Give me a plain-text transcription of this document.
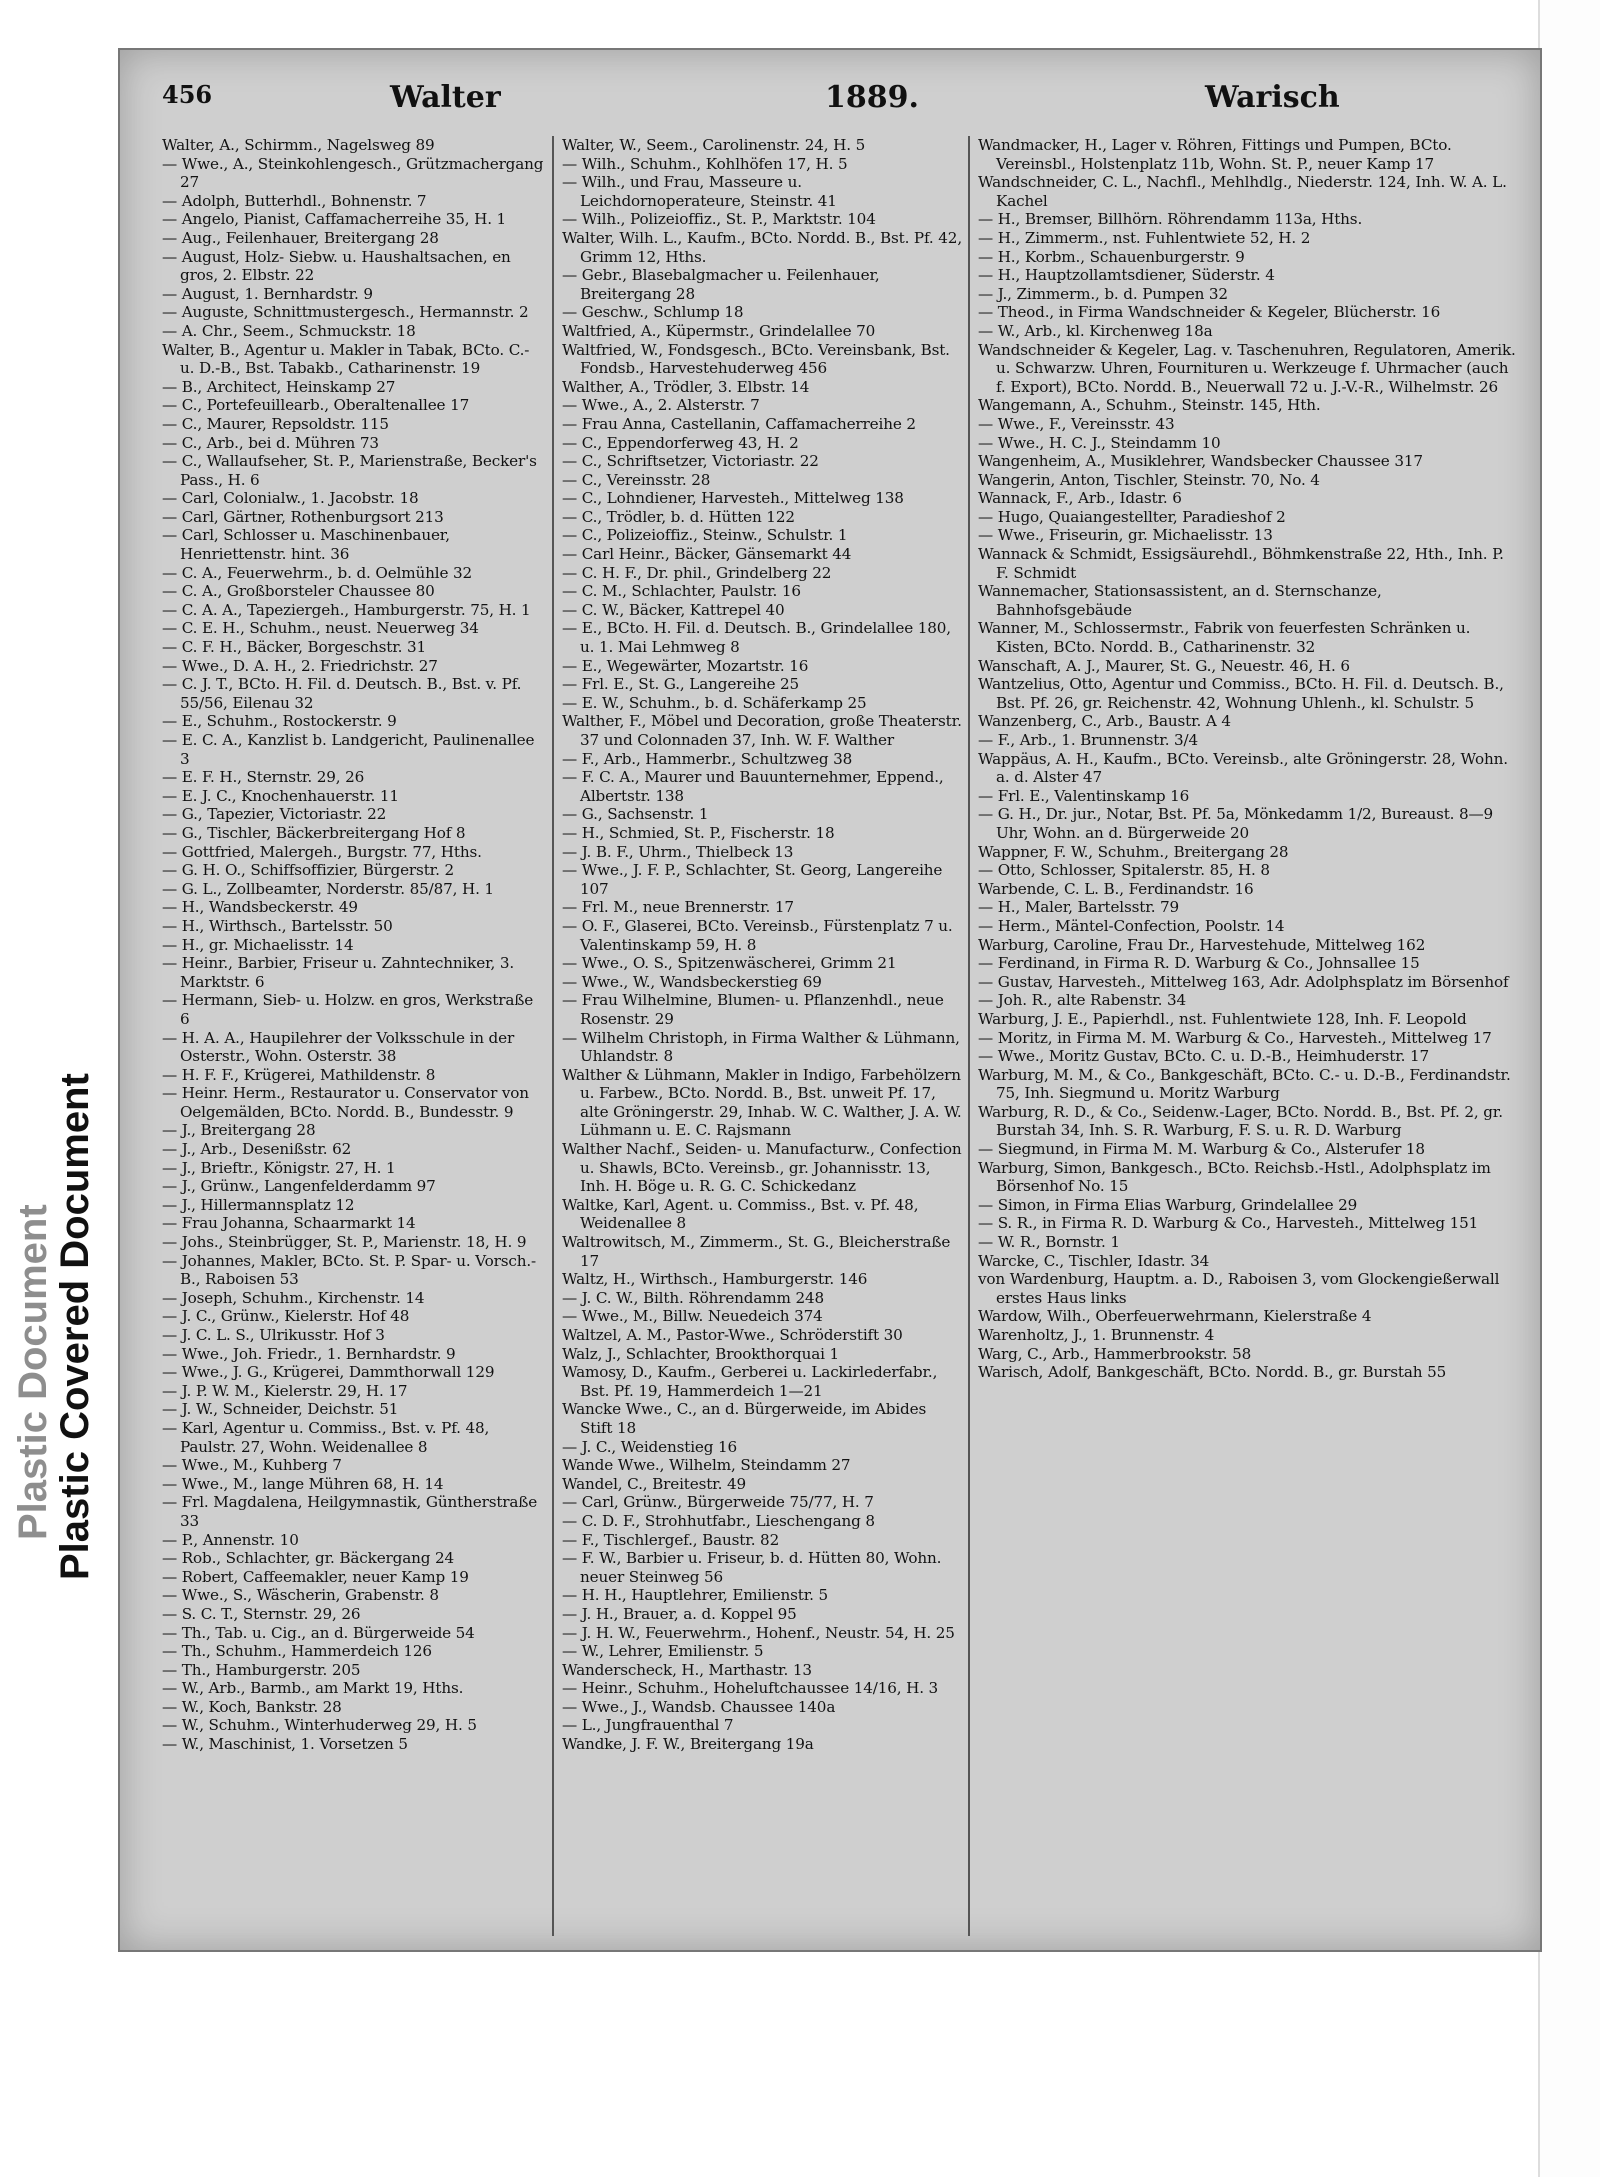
Plastic Document
Plastic Covered Document
456	Walter	1889.	Warisch

Walter, A., Schirmm., Nagelsweg 89

— Wwe., A., Steinkohlengesch., Grützmachergang 27

— Adolph, Butterhdl., Bohnenstr. 7

— Angelo, Pianist, Caffamacherreihe 35, H. 1

— Aug., Feilenhauer, Breitergang 28

— August, Holz- Siebw. u. Haushaltsachen, en gros, 2. Elbstr. 22

— August, 1. Bernhardstr. 9

— Auguste, Schnittmustergesch., Hermannstr. 2

— A. Chr., Seem., Schmuckstr. 18

Walter, B., Agentur u. Makler in Tabak, BCto. C.- u. D.-B., Bst. Tabakb., Catharinenstr. 19

— B., Architect, Heinskamp 27

— C., Portefeuillearb., Oberaltenallee 17

— C., Maurer, Repsoldstr. 115

— C., Arb., bei d. Mühren 73

— C., Wallaufseher, St. P., Marienstraße, Becker's Pass., H. 6

— Carl, Colonialw., 1. Jacobstr. 18

— Carl, Gärtner, Rothenburgsort 213

— Carl, Schlosser u. Maschinenbauer, Henriettenstr. hint. 36

— C. A., Feuerwehrm., b. d. Oelmühle 32

— C. A., Großborsteler Chaussee 80

— C. A. A., Tapeziergeh., Hamburgerstr. 75, H. 1

— C. E. H., Schuhm., neust. Neuerweg 34

— C. F. H., Bäcker, Borgeschstr. 31

— Wwe., D. A. H., 2. Friedrichstr. 27

— C. J. T., BCto. H. Fil. d. Deutsch. B., Bst. v. Pf. 55/56, Eilenau 32

— E., Schuhm., Rostockerstr. 9

— E. C. A., Kanzlist b. Landgericht, Paulinenallee 3

— E. F. H., Sternstr. 29, 26

— E. J. C., Knochenhauerstr. 11

— G., Tapezier, Victoriastr. 22

— G., Tischler, Bäckerbreitergang Hof 8

— Gottfried, Malergeh., Burgstr. 77, Hths.

— G. H. O., Schiffsoffizier, Bürgerstr. 2

— G. L., Zollbeamter, Norderstr. 85/87, H. 1

— H., Wandsbeckerstr. 49

— H., Wirthsch., Bartelsstr. 50

— H., gr. Michaelisstr. 14

— Heinr., Barbier, Friseur u. Zahntechniker, 3. Marktstr. 6

— Hermann, Sieb- u. Holzw. en gros, Werkstraße 6

— H. A. A., Haupilehrer der Volksschule in der Osterstr., Wohn. Osterstr. 38

— H. F. F., Krügerei, Mathildenstr. 8

— Heinr. Herm., Restaurator u. Conservator von Oelgemälden, BCto. Nordd. B., Bundesstr. 9

— J., Breitergang 28

— J., Arb., Desenißstr. 62

— J., Brieftr., Königstr. 27, H. 1

— J., Grünw., Langenfelderdamm 97

— J., Hillermannsplatz 12

— Frau Johanna, Schaarmarkt 14

— Johs., Steinbrügger, St. P., Marienstr. 18, H. 9

— Johannes, Makler, BCto. St. P. Spar- u. Vorsch.-B., Raboisen 53

— Joseph, Schuhm., Kirchenstr. 14

— J. C., Grünw., Kielerstr. Hof 48

— J. C. L. S., Ulrikusstr. Hof 3

— Wwe., Joh. Friedr., 1. Bernhardstr. 9

— Wwe., J. G., Krügerei, Dammthorwall 129

— J. P. W. M., Kielerstr. 29, H. 17

— J. W., Schneider, Deichstr. 51

— Karl, Agentur u. Commiss., Bst. v. Pf. 48, Paulstr. 27, Wohn. Weidenallee 8

— Wwe., M., Kuhberg 7

— Wwe., M., lange Mühren 68, H. 14

— Frl. Magdalena, Heilgymnastik, Güntherstraße 33

— P., Annenstr. 10

— Rob., Schlachter, gr. Bäckergang 24

— Robert, Caffeemakler, neuer Kamp 19

— Wwe., S., Wäscherin, Grabenstr. 8

— S. C. T., Sternstr. 29, 26

— Th., Tab. u. Cig., an d. Bürgerweide 54

— Th., Schuhm., Hammerdeich 126

— Th., Hamburgerstr. 205

— W., Arb., Barmb., am Markt 19, Hths.

— W., Koch, Bankstr. 28

— W., Schuhm., Winterhuderweg 29, H. 5

— W., Maschinist, 1. Vorsetzen 5

Walter, W., Seem., Carolinenstr. 24, H. 5

— Wilh., Schuhm., Kohlhöfen 17, H. 5

— Wilh., und Frau, Masseure u. Leichdornoperateure, Steinstr. 41

— Wilh., Polizeioffiz., St. P., Marktstr. 104

Walter, Wilh. L., Kaufm., BCto. Nordd. B., Bst. Pf. 42, Grimm 12, Hths.

— Gebr., Blasebalgmacher u. Feilenhauer, Breitergang 28

— Geschw., Schlump 18

Waltfried, A., Küpermstr., Grindelallee 70

Waltfried, W., Fondsgesch., BCto. Vereinsbank, Bst. Fondsb., Harvestehuderweg 456

Walther, A., Trödler, 3. Elbstr. 14

— Wwe., A., 2. Alsterstr. 7

— Frau Anna, Castellanin, Caffamacherreihe 2

— C., Eppendorferweg 43, H. 2

— C., Schriftsetzer, Victoriastr. 22

— C., Vereinsstr. 28

— C., Lohndiener, Harvesteh., Mittelweg 138

— C., Trödler, b. d. Hütten 122

— C., Polizeioffiz., Steinw., Schulstr. 1

— Carl Heinr., Bäcker, Gänsemarkt 44

— C. H. F., Dr. phil., Grindelberg 22

— C. M., Schlachter, Paulstr. 16

— C. W., Bäcker, Kattrepel 40

— E., BCto. H. Fil. d. Deutsch. B., Grindelallee 180, u. 1. Mai Lehmweg 8

— E., Wegewärter, Mozartstr. 16

— Frl. E., St. G., Langereihe 25

— E. W., Schuhm., b. d. Schäferkamp 25

Walther, F., Möbel und Decoration, große Theaterstr. 37 und Colonnaden 37, Inh. W. F. Walther

— F., Arb., Hammerbr., Schultzweg 38

— F. C. A., Maurer und Bauunternehmer, Eppend., Albertstr. 138

— G., Sachsenstr. 1

— H., Schmied, St. P., Fischerstr. 18

— J. B. F., Uhrm., Thielbeck 13

— Wwe., J. F. P., Schlachter, St. Georg, Langereihe 107

— Frl. M., neue Brennerstr. 17

— O. F., Glaserei, BCto. Vereinsb., Fürstenplatz 7 u. Valentinskamp 59, H. 8

— Wwe., O. S., Spitzenwäscherei, Grimm 21

— Wwe., W., Wandsbeckerstieg 69

— Frau Wilhelmine, Blumen- u. Pflanzenhdl., neue Rosenstr. 29

— Wilhelm Christoph, in Firma Walther & Lühmann, Uhlandstr. 8

Walther & Lühmann, Makler in Indigo, Farbehölzern u. Farbew., BCto. Nordd. B., Bst. unweit Pf. 17, alte Gröningerstr. 29, Inhab. W. C. Walther, J. A. W. Lühmann u. E. C. Rajsmann

Walther Nachf., Seiden- u. Manufacturw., Confection u. Shawls, BCto. Vereinsb., gr. Johannisstr. 13, Inh. H. Böge u. R. G. C. Schickedanz

Waltke, Karl, Agent. u. Commiss., Bst. v. Pf. 48, Weidenallee 8

Waltrowitsch, M., Zimmerm., St. G., Bleicherstraße 17

Waltz, H., Wirthsch., Hamburgerstr. 146

— J. C. W., Bilth. Röhrendamm 248

— Wwe., M., Billw. Neuedeich 374

Waltzel, A. M., Pastor-Wwe., Schröderstift 30

Walz, J., Schlachter, Brookthorquai 1

Wamosy, D., Kaufm., Gerberei u. Lackirlederfabr., Bst. Pf. 19, Hammerdeich 1—21

Wancke Wwe., C., an d. Bürgerweide, im Abides Stift 18

— J. C., Weidenstieg 16

Wande Wwe., Wilhelm, Steindamm 27

Wandel, C., Breitestr. 49

— Carl, Grünw., Bürgerweide 75/77, H. 7

— C. D. F., Strohhutfabr., Lieschengang 8

— F., Tischlergef., Baustr. 82

— F. W., Barbier u. Friseur, b. d. Hütten 80, Wohn. neuer Steinweg 56

— H. H., Hauptlehrer, Emilienstr. 5

— J. H., Brauer, a. d. Koppel 95

— J. H. W., Feuerwehrm., Hohenf., Neustr. 54, H. 25

— W., Lehrer, Emilienstr. 5

Wanderscheck, H., Marthastr. 13

— Heinr., Schuhm., Hoheluftchaussee 14/16, H. 3

— Wwe., J., Wandsb. Chaussee 140a

— L., Jungfrauenthal 7

Wandke, J. F. W., Breitergang 19a

Wandmacker, H., Lager v. Röhren, Fittings und Pumpen, BCto. Vereinsbl., Holstenplatz 11b, Wohn. St. P., neuer Kamp 17

Wandschneider, C. L., Nachfl., Mehlhdlg., Niederstr. 124, Inh. W. A. L. Kachel

— H., Bremser, Billhörn. Röhrendamm 113a, Hths.

— H., Zimmerm., nst. Fuhlentwiete 52, H. 2

— H., Korbm., Schauenburgerstr. 9

— H., Hauptzollamtsdiener, Süderstr. 4

— J., Zimmerm., b. d. Pumpen 32

— Theod., in Firma Wandschneider & Kegeler, Blücherstr. 16

— W., Arb., kl. Kirchenweg 18a

Wandschneider & Kegeler, Lag. v. Taschenuhren, Regulatoren, Amerik. u. Schwarzw. Uhren, Fournituren u. Werkzeuge f. Uhrmacher (auch f. Export), BCto. Nordd. B., Neuerwall 72 u. J.-V.-R., Wilhelmstr. 26

Wangemann, A., Schuhm., Steinstr. 145, Hth.

— Wwe., F., Vereinsstr. 43

— Wwe., H. C. J., Steindamm 10

Wangenheim, A., Musiklehrer, Wandsbecker Chaussee 317

Wangerin, Anton, Tischler, Steinstr. 70, No. 4

Wannack, F., Arb., Idastr. 6

— Hugo, Quaiangestellter, Paradieshof 2

— Wwe., Friseurin, gr. Michaelisstr. 13

Wannack & Schmidt, Essigsäurehdl., Böhmkenstraße 22, Hth., Inh. P. F. Schmidt

Wannemacher, Stationsassistent, an d. Sternschanze, Bahnhofsgebäude

Wanner, M., Schlossermstr., Fabrik von feuerfesten Schränken u. Kisten, BCto. Nordd. B., Catharinenstr. 32

Wanschaft, A. J., Maurer, St. G., Neuestr. 46, H. 6

Wantzelius, Otto, Agentur und Commiss., BCto. H. Fil. d. Deutsch. B., Bst. Pf. 26, gr. Reichenstr. 42, Wohnung Uhlenh., kl. Schulstr. 5

Wanzenberg, C., Arb., Baustr. A 4

— F., Arb., 1. Brunnenstr. 3/4

Wappäus, A. H., Kaufm., BCto. Vereinsb., alte Gröningerstr. 28, Wohn. a. d. Alster 47

— Frl. E., Valentinskamp 16

— G. H., Dr. jur., Notar, Bst. Pf. 5a, Mönkedamm 1/2, Bureaust. 8—9 Uhr, Wohn. an d. Bürgerweide 20

Wappner, F. W., Schuhm., Breitergang 28

— Otto, Schlosser, Spitalerstr. 85, H. 8

Warbende, C. L. B., Ferdinandstr. 16

— H., Maler, Bartelsstr. 79

— Herm., Mäntel-Confection, Poolstr. 14

Warburg, Caroline, Frau Dr., Harvestehude, Mittelweg 162

— Ferdinand, in Firma R. D. Warburg & Co., Johnsallee 15

— Gustav, Harvesteh., Mittelweg 163, Adr. Adolphsplatz im Börsenhof

— Joh. R., alte Rabenstr. 34

Warburg, J. E., Papierhdl., nst. Fuhlentwiete 128, Inh. F. Leopold

— Moritz, in Firma M. M. Warburg & Co., Harvesteh., Mittelweg 17

— Wwe., Moritz Gustav, BCto. C. u. D.-B., Heimhuderstr. 17

Warburg, M. M., & Co., Bankgeschäft, BCto. C.- u. D.-B., Ferdinandstr. 75, Inh. Siegmund u. Moritz Warburg

Warburg, R. D., & Co., Seidenw.-Lager, BCto. Nordd. B., Bst. Pf. 2, gr. Burstah 34, Inh. S. R. Warburg, F. S. u. R. D. Warburg

— Siegmund, in Firma M. M. Warburg & Co., Alsterufer 18

Warburg, Simon, Bankgesch., BCto. Reichsb.-Hstl., Adolphsplatz im Börsenhof No. 15

— Simon, in Firma Elias Warburg, Grindelallee 29

— S. R., in Firma R. D. Warburg & Co., Harvesteh., Mittelweg 151

— W. R., Bornstr. 1

Warcke, C., Tischler, Idastr. 34

von Wardenburg, Hauptm. a. D., Raboisen 3, vom Glockengießerwall erstes Haus links

Wardow, Wilh., Oberfeuerwehrmann, Kielerstraße 4

Warenholtz, J., 1. Brunnenstr. 4

Warg, C., Arb., Hammerbrookstr. 58

Warisch, Adolf, Bankgeschäft, BCto. Nordd. B., gr. Burstah 55
